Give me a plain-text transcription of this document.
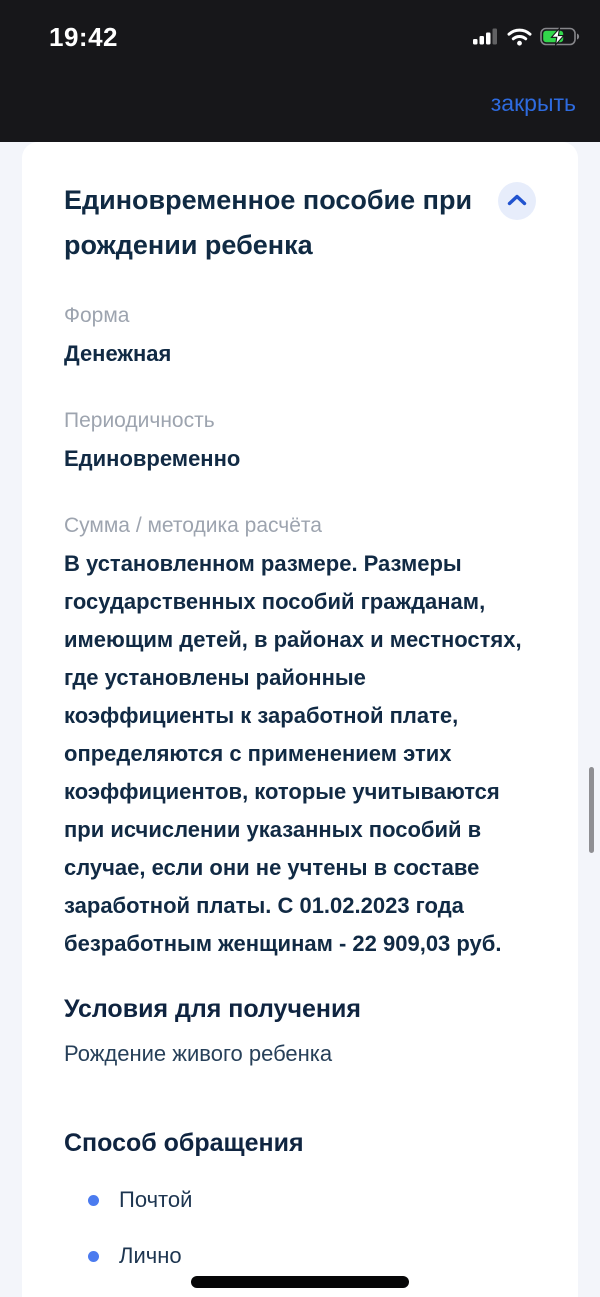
19:42
закрыть
Единовременное пособие при рождении ребенка
Форма
Денежная
Периодичность
Единовременно
Сумма / методика расчёта
В установленном размере. Размеры государственных пособий гражданам, имеющим детей, в районах и местностях, где установлены районные коэффициенты к заработной плате, определяются с применением этих коэффициентов, которые учитываются при исчислении указанных пособий в случае, если они не учтены в составе заработной платы. С 01.02.2023 года безработным женщинам - 22 909,03 руб.
Условия для получения

Рождение живого ребенка

Способ обращения
Почтой
Лично
